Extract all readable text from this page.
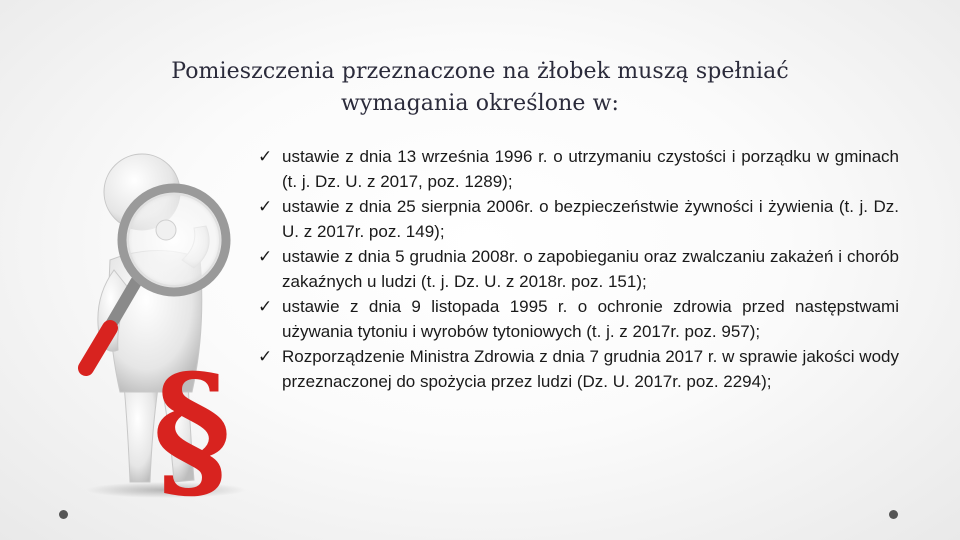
Pomieszczenia przeznaczone na żłobek muszą spełniać
wymagania określone w:
§
✓ ustawie z dnia 13 września 1996 r. o utrzymaniu czystości i porządku w gminach (t. j. Dz. U. z 2017, poz. 1289);
✓ ustawie z dnia 25 sierpnia 2006r. o bezpieczeństwie żywności i żywienia (t. j. Dz. U. z 2017r. poz. 149);
✓ ustawie z dnia 5 grudnia 2008r. o zapobieganiu oraz zwalczaniu zakażeń i chorób zakaźnych u ludzi (t. j. Dz. U. z 2018r. poz. 151);
✓ ustawie z dnia 9 listopada 1995 r. o ochronie zdrowia przed następstwami używania tytoniu i wyrobów tytoniowych (t. j. z 2017r. poz. 957);
✓ Rozporządzenie Ministra Zdrowia z dnia 7 grudnia 2017 r. w sprawie jakości wody przeznaczonej do spożycia przez ludzi (Dz. U. 2017r. poz. 2294);
